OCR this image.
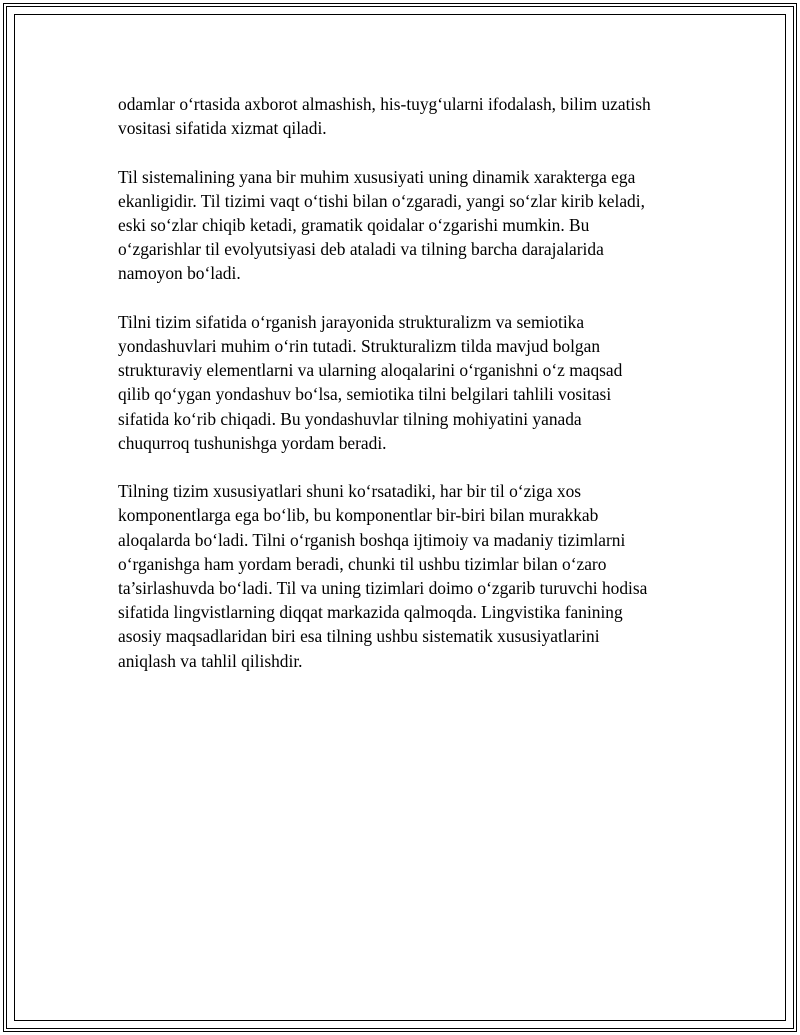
odamlar o‘rtasida axborot almashish, his-tuyg‘ularni ifodalash, bilim uzatish
vositasi sifatida xizmat qiladi.

Til sistemalining yana bir muhim xususiyati uning dinamik xarakterga ega
ekanligidir. Til tizimi vaqt o‘tishi bilan o‘zgaradi, yangi so‘zlar kirib keladi,
eski so‘zlar chiqib ketadi, gramatik qoidalar o‘zgarishi mumkin. Bu
o‘zgarishlar til evolyutsiyasi deb ataladi va tilning barcha darajalarida
namoyon bo‘ladi.

Tilni tizim sifatida o‘rganish jarayonida strukturalizm va semiotika
yondashuvlari muhim o‘rin tutadi. Strukturalizm tilda mavjud bolgan
strukturaviy elementlarni va ularning aloqalarini o‘rganishni o‘z maqsad
qilib qo‘ygan yondashuv bo‘lsa, semiotika tilni belgilari tahlili vositasi
sifatida ko‘rib chiqadi. Bu yondashuvlar tilning mohiyatini yanada
chuqurroq tushunishga yordam beradi.

Tilning tizim xususiyatlari shuni ko‘rsatadiki, har bir til o‘ziga xos
komponentlarga ega bo‘lib, bu komponentlar bir-biri bilan murakkab
aloqalarda bo‘ladi. Tilni o‘rganish boshqa ijtimoiy va madaniy tizimlarni
o‘rganishga ham yordam beradi, chunki til ushbu tizimlar bilan o‘zaro
ta’sirlashuvda bo‘ladi. Til va uning tizimlari doimo o‘zgarib turuvchi hodisa
sifatida lingvistlarning diqqat markazida qalmoqda. Lingvistika fanining
asosiy maqsadlaridan biri esa tilning ushbu sistematik xususiyatlarini
aniqlash va tahlil qilishdir.
